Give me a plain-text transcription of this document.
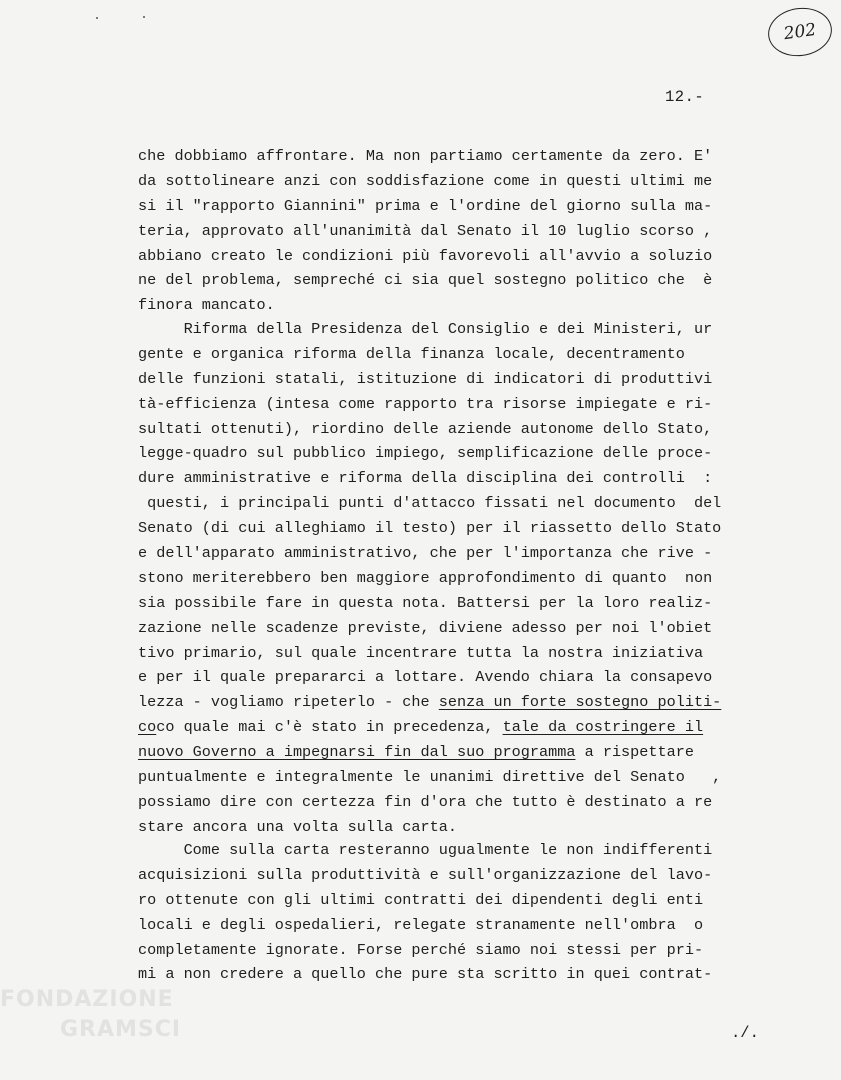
202
12.-
che dobbiamo affrontare. Ma non partiamo certamente da zero. E'
da sottolineare anzi con soddisfazione come in questi ultimi me
si il "rapporto Giannini" prima e l'ordine del giorno sulla ma-
teria, approvato all'unanimità dal Senato il 10 luglio scorso ,
abbiano creato le condizioni più favorevoli all'avvio a soluzio
ne del problema, sempreché ci sia quel sostegno politico che  è
finora mancato.
Riforma della Presidenza del Consiglio e dei Ministeri, ur
gente e organica riforma della finanza locale, decentramento
delle funzioni statali, istituzione di indicatori di produttivi
tà-efficienza (intesa come rapporto tra risorse impiegate e ri-
sultati ottenuti), riordino delle aziende autonome dello Stato,
legge-quadro sul pubblico impiego, semplificazione delle proce-
dure amministrative e riforma della disciplina dei controlli  :
questi, i principali punti d'attacco fissati nel documento  del
Senato (di cui alleghiamo il testo) per il riassetto dello Stato
e dell'apparato amministrativo, che per l'importanza che rive -
stono meriterebbero ben maggiore approfondimento di quanto  non
sia possibile fare in questa nota. Battersi per la loro realiz-
zazione nelle scadenze previste, diviene adesso per noi l'obiet
tivo primario, sul quale incentrare tutta la nostra iniziativa
e per il quale prepararci a lottare. Avendo chiara la consapevo
lezza - vogliamo ripeterlo - che senza un forte sostegno politi-
coco quale mai c'è stato in precedenza, tale da costringere il
nuovo Governo a impegnarsi fin dal suo programma a rispettare
puntualmente e integralmente le unanimi direttive del Senato   ,
possiamo dire con certezza fin d'ora che tutto è destinato a re
stare ancora una volta sulla carta.
Come sulla carta resteranno ugualmente le non indifferenti
acquisizioni sulla produttività e sull'organizzazione del lavo-
ro ottenute con gli ultimi contratti dei dipendenti degli enti
locali e degli ospedalieri, relegate stranamente nell'ombra  o
completamente ignorate. Forse perché siamo noi stessi per pri-
mi a non credere a quello che pure sta scritto in quei contrat-
./.
FONDAZIONE
GRAMSCI
